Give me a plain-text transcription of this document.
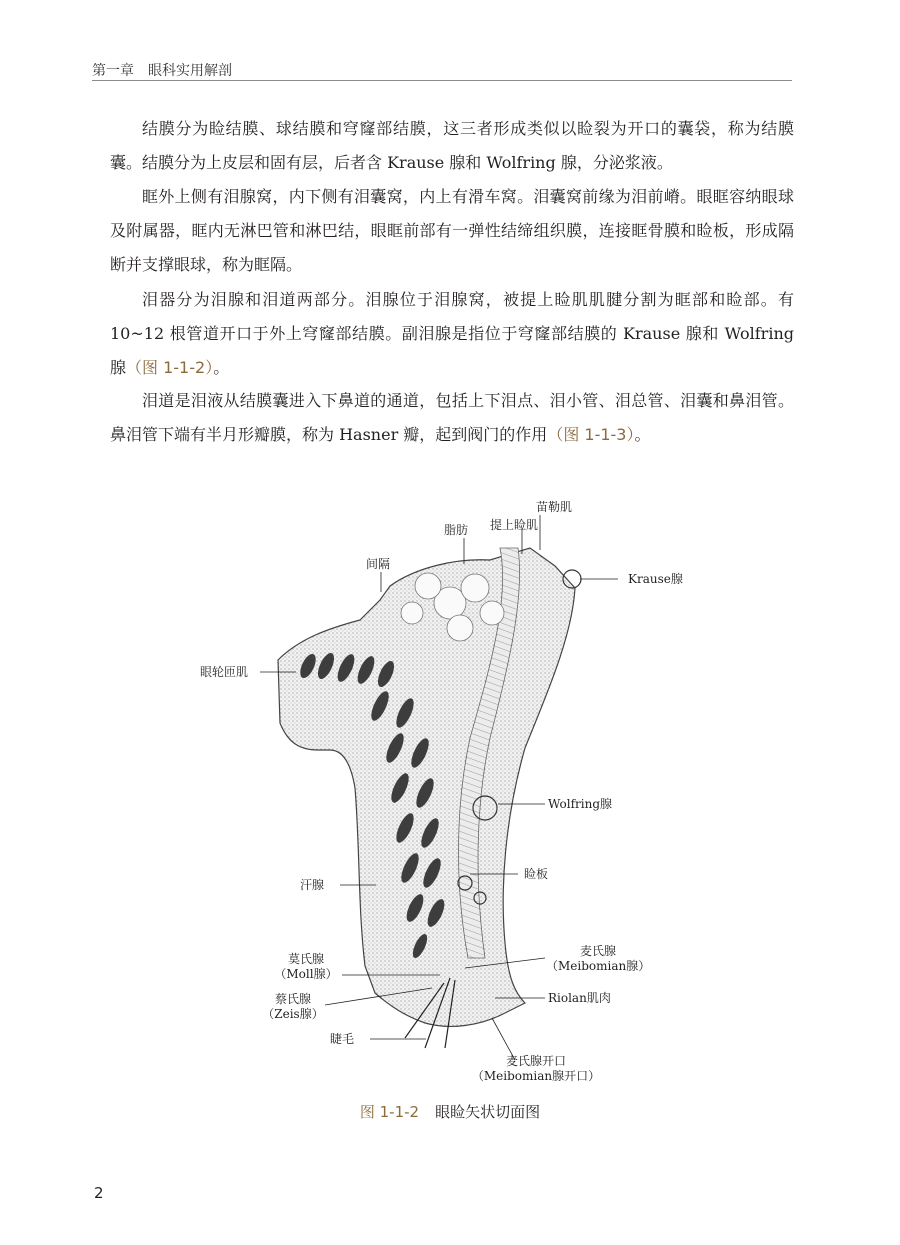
第一章　眼科实用解剖

结膜分为睑结膜、球结膜和穹窿部结膜，这三者形成类似以睑裂为开口的囊袋，称为结膜囊。结膜分为上皮层和固有层，后者含 Krause 腺和 Wolfring 腺，分泌浆液。

眶外上侧有泪腺窝，内下侧有泪囊窝，内上有滑车窝。泪囊窝前缘为泪前嵴。眼眶容纳眼球及附属器，眶内无淋巴管和淋巴结，眼眶前部有一弹性结缔组织膜，连接眶骨膜和睑板，形成隔断并支撑眼球，称为眶隔。

泪器分为泪腺和泪道两部分。泪腺位于泪腺窝，被提上睑肌肌腱分割为眶部和睑部。有 10~12 根管道开口于外上穹窿部结膜。副泪腺是指位于穹窿部结膜的 Krause 腺和 Wolfring 腺（图 1-1-2）。

泪道是泪液从结膜囊进入下鼻道的通道，包括上下泪点、泪小管、泪总管、泪囊和鼻泪管。鼻泪管下端有半月形瓣膜，称为 Hasner 瓣，起到阀门的作用（图 1-1-3）。

苗勒肌
提上睑肌
脂肪
间隔
Krause腺
眼轮匝肌
Wolfring腺
睑板
汗腺
莫氏腺
（Moll腺）
麦氏腺
（Meibomian腺）
Riolan肌肉
蔡氏腺
（Zeis腺）
睫毛
麦氏腺开口
（Meibomian腺开口）
图 1-1-2 眼睑矢状切面图
2
